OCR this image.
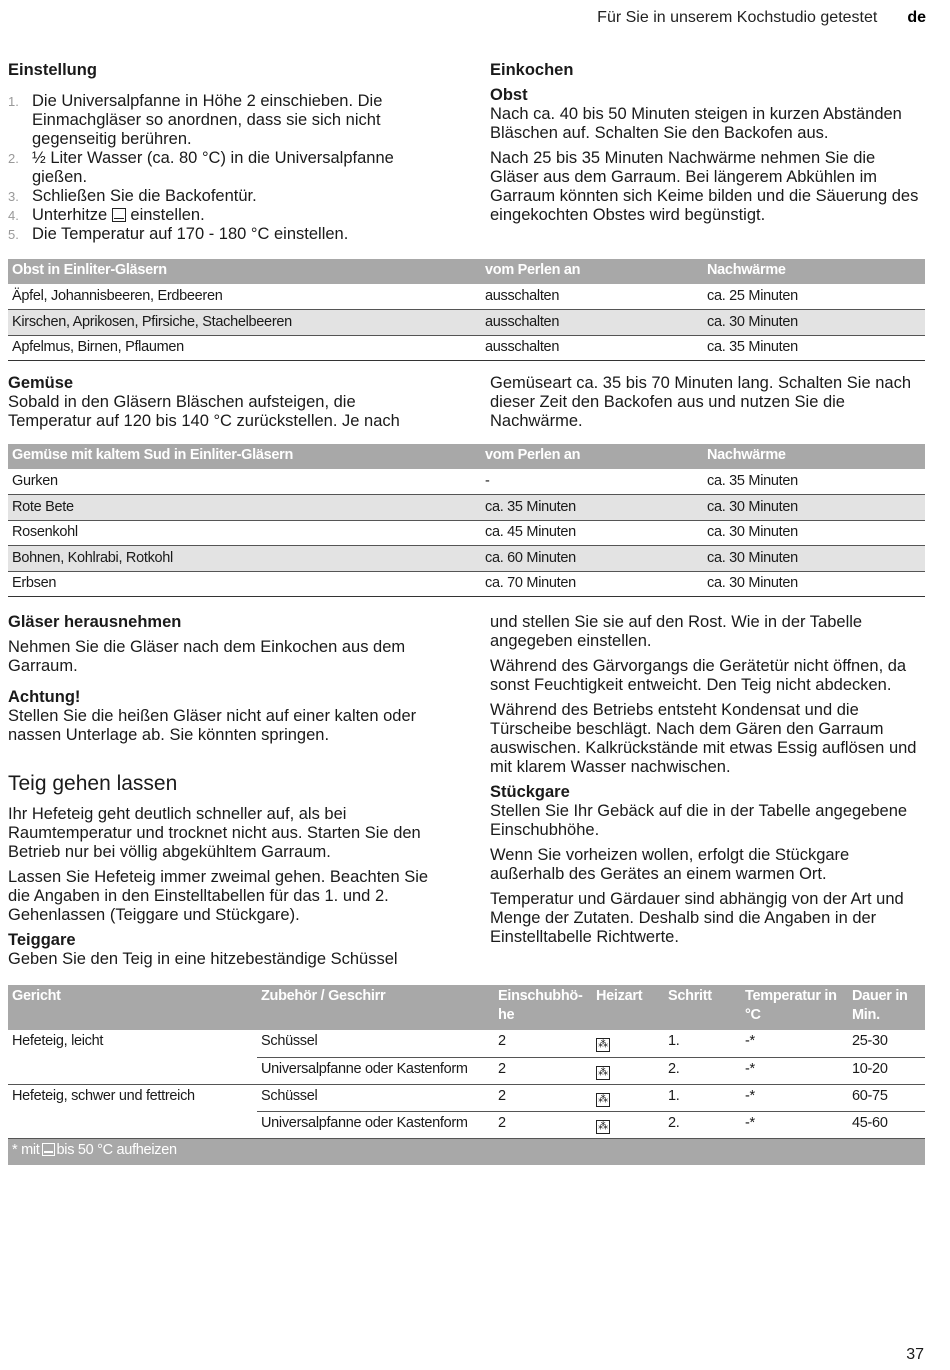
Für Sie in unserem Kochstudio getestet de
Einstellung
1. Die Universalpfanne in Höhe 2 einschieben. Die Einmachgläser so anordnen, dass sie sich nicht gegenseitig berühren.
2. ½ Liter Wasser (ca. 80 °C) in die Universalpfanne gießen.
3. Schließen Sie die Backofentür.
4. Unterhitze einstellen.
5. Die Temperatur auf 170 - 180 °C einstellen.
Einkochen
Obst

Nach ca. 40 bis 50 Minuten steigen in kurzen Abständen Bläschen auf. Schalten Sie den Backofen aus.

Nach 25 bis 35 Minuten Nachwärme nehmen Sie die Gläser aus dem Garraum. Bei längerem Abkühlen im Garraum könnten sich Keime bilden und die Säuerung des eingekochten Obstes wird begünstigt.

Obst in Einliter-Gläsern	vom Perlen an	Nachwärme
Äpfel, Johannisbeeren, Erdbeeren	ausschalten	ca. 25 Minuten
Kirschen, Aprikosen, Pfirsiche, Stachelbeeren	ausschalten	ca. 30 Minuten
Apfelmus, Birnen, Pflaumen	ausschalten	ca. 35 Minuten
Gemüse

Sobald in den Gläsern Bläschen aufsteigen, die Temperatur auf 120 bis 140 °C zurückstellen. Je nach

Gemüseart ca. 35 bis 70 Minuten lang. Schalten Sie nach dieser Zeit den Backofen aus und nutzen Sie die Nachwärme.

Gemüse mit kaltem Sud in Einliter-Gläsern	vom Perlen an	Nachwärme
Gurken	-	ca. 35 Minuten
Rote Bete	ca. 35 Minuten	ca. 30 Minuten
Rosenkohl	ca. 45 Minuten	ca. 30 Minuten
Bohnen, Kohlrabi, Rotkohl	ca. 60 Minuten	ca. 30 Minuten
Erbsen	ca. 70 Minuten	ca. 30 Minuten
Gläser herausnehmen

Nehmen Sie die Gläser nach dem Einkochen aus dem Garraum.

Achtung!

Stellen Sie die heißen Gläser nicht auf einer kalten oder nassen Unterlage ab. Sie könnten springen.

Teig gehen lassen

Ihr Hefeteig geht deutlich schneller auf, als bei Raumtemperatur und trocknet nicht aus. Starten Sie den Betrieb nur bei völlig abgekühltem Garraum.

Lassen Sie Hefeteig immer zweimal gehen. Beachten Sie die Angaben in den Einstelltabellen für das 1. und 2. Gehenlassen (Teiggare und Stückgare).

Teiggare

Geben Sie den Teig in eine hitzebeständige Schüssel

und stellen Sie sie auf den Rost. Wie in der Tabelle angegeben einstellen.

Während des Gärvorgangs die Gerätetür nicht öffnen, da sonst Feuchtigkeit entweicht. Den Teig nicht abdecken.

Während des Betriebs entsteht Kondensat und die Türscheibe beschlägt. Nach dem Gären den Garraum auswischen. Kalkrückstände mit etwas Essig auflösen und mit klarem Wasser nachwischen.

Stückgare

Stellen Sie Ihr Gebäck auf die in der Tabelle angegebene Einschubhöhe.

Wenn Sie vorheizen wollen, erfolgt die Stückgare außerhalb des Gerätes an einem warmen Ort.

Temperatur und Gärdauer sind abhängig von der Art und Menge der Zutaten. Deshalb sind die Angaben in der Einstelltabelle Richtwerte.

Gericht	Zubehör / Geschirr	Einschubhö-he	Heizart	Schritt	Temperatur in °C	Dauer in Min.
Hefeteig, leicht	Schüssel	2	⁂	1.	-*	25-30
	Universalpfanne oder Kastenform	2	⁂	2.	-*	10-20
Hefeteig, schwer und fettreich	Schüssel	2	⁂	1.	-*	60-75
	Universalpfanne oder Kastenform	2	⁂	2.	-*	45-60
* mit bis 50 °C aufheizen						
37
